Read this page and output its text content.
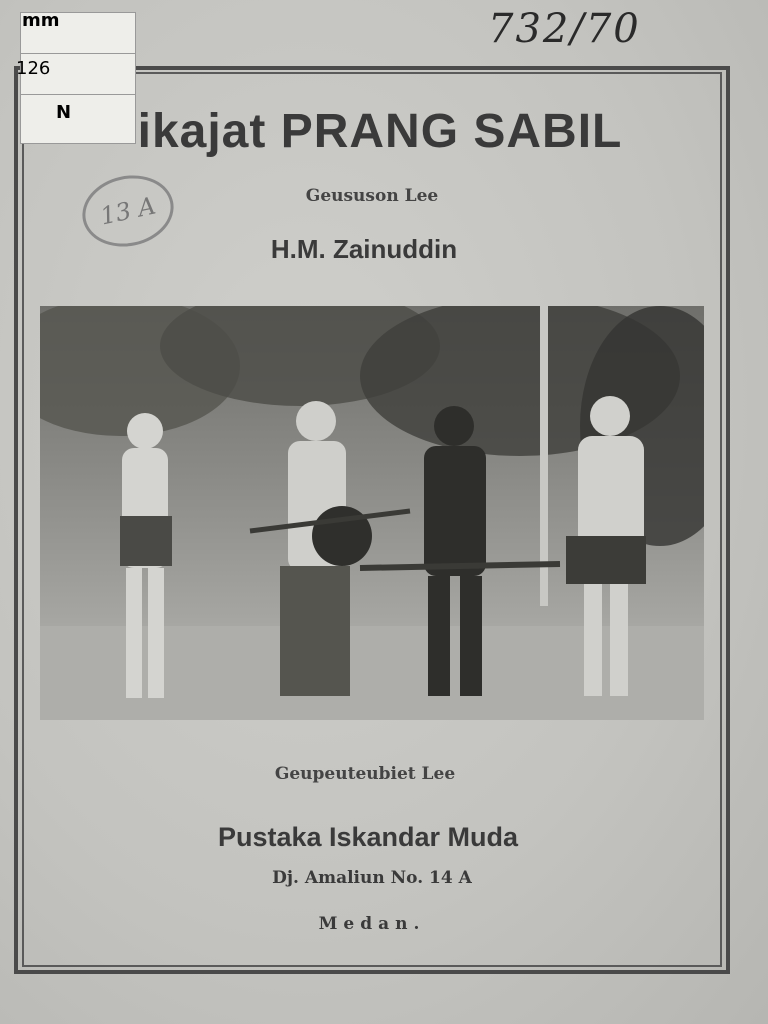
ikajat PRANG SABIL
mm
126
N
732/70
13 A	Geususon Lee
H.M. Zainuddin
Geupeuteubiet Lee
Pustaka Iskandar Muda
Dj. Amaliun No. 14 A
Medan.
